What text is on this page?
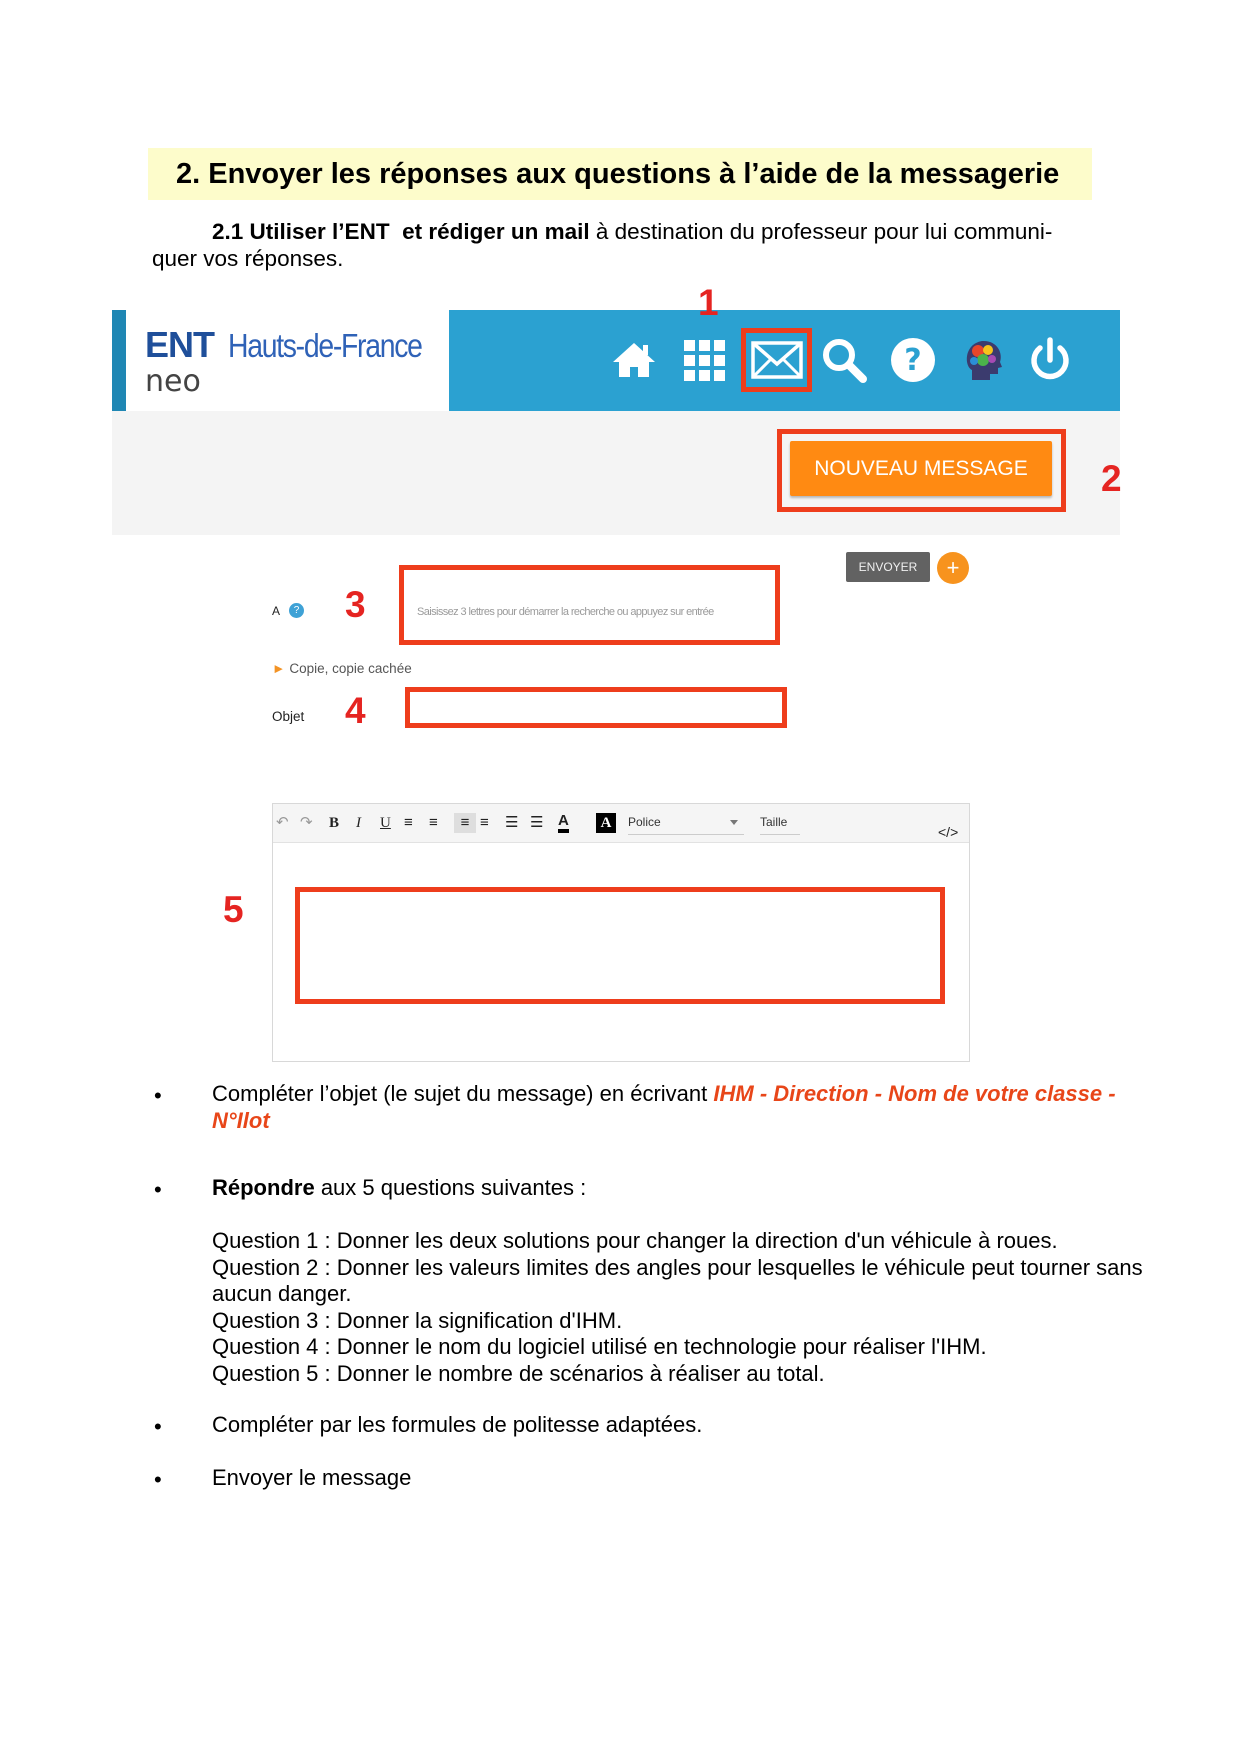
2. Envoyer les réponses aux questions à l’aide de la messagerie
2.1 Utiliser l’ENT et rédiger un mail à destination du professeur pour lui communi-quer vos réponses.
ENT Hauts-de-France
neo
?
1
NOUVEAU MESSAGE	2
ENVOYER	+
A	? 3	Saisissez 3 lettres pour démarrer la recherche ou appuyez sur entrée
► Copie, copie cachée
Objet 4
↶ ↷ B I U ≡ ≡	≡ ≡ ☰ ☰ A	A	Police	Taille
</>
5
• Compléter l’objet (le sujet du message) en écrivant IHM - Direction - Nom de votre classe - N°Ilot
• Répondre aux 5 questions suivantes :
Question 1 : Donner les deux solutions pour changer la direction d'un véhicule à roues.
Question 2 : Donner les valeurs limites des angles pour lesquelles le véhicule peut tourner sans aucun danger.
Question 3 : Donner la signification d'IHM.
Question 4 : Donner le nom du logiciel utilisé en technologie pour réaliser l'IHM.
Question 5 : Donner le nombre de scénarios à réaliser au total.
• Compléter par les formules de politesse adaptées.
• Envoyer le message
